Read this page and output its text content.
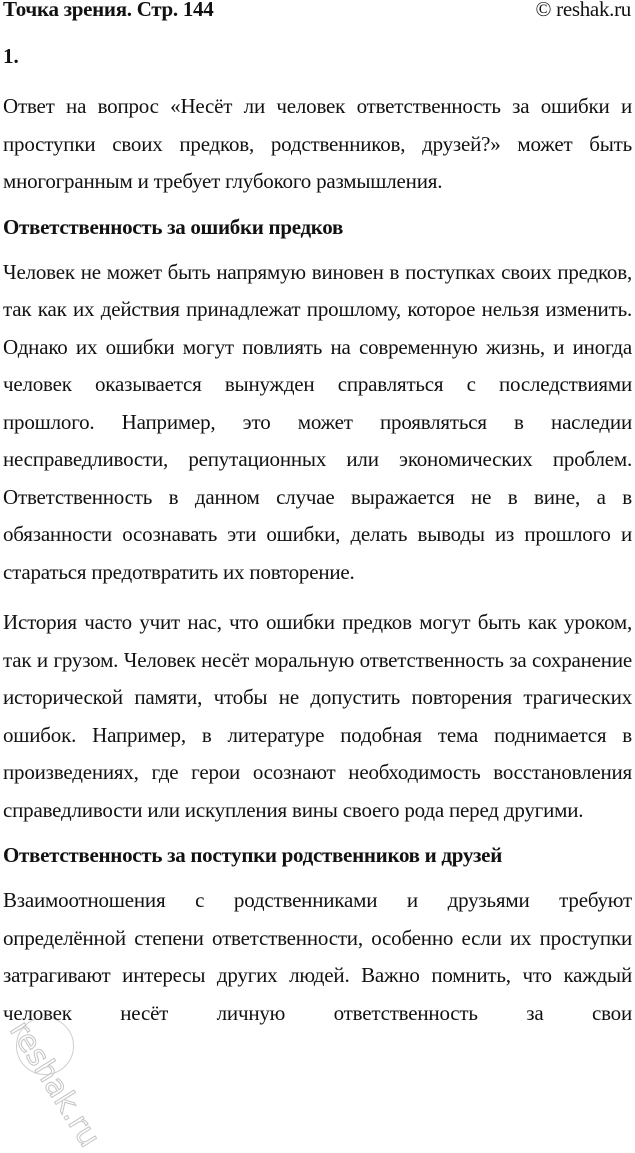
Точка зрения. Стр. 144	© reshak.ru
1.

Ответ на вопрос «Несёт ли человек ответственность за ошибки и проступки своих предков, родственников, друзей?» может быть многогранным и требует глубокого размышления.

Ответственность за ошибки предков

Человек не может быть напрямую виновен в поступках своих предков, так как их действия принадлежат прошлому, которое нельзя изменить. Однако их ошибки могут повлиять на современную жизнь, и иногда человек оказывается вынужден справляться с последствиями прошлого. Например, это может проявляться в наследии несправедливости, репутационных или экономических проблем. Ответственность в данном случае выражается не в вине, а в обязанности осознавать эти ошибки, делать выводы из прошлого и стараться предотвратить их повторение.

История часто учит нас, что ошибки предков могут быть как уроком, так и грузом. Человек несёт моральную ответственность за сохранение исторической памяти, чтобы не допустить повторения трагических ошибок. Например, в литературе подобная тема поднимается в произведениях, где герои осознают необходимость восстановления справедливости или искупления вины своего рода перед другими.

Ответственность за поступки родственников и друзей

Взаимоотношения с родственниками и друзьями требуют определённой степени ответственности, особенно если их проступки затрагивают интересы других людей. Важно помнить, что каждый человек несёт личную ответственность за свои

reshak.ru
